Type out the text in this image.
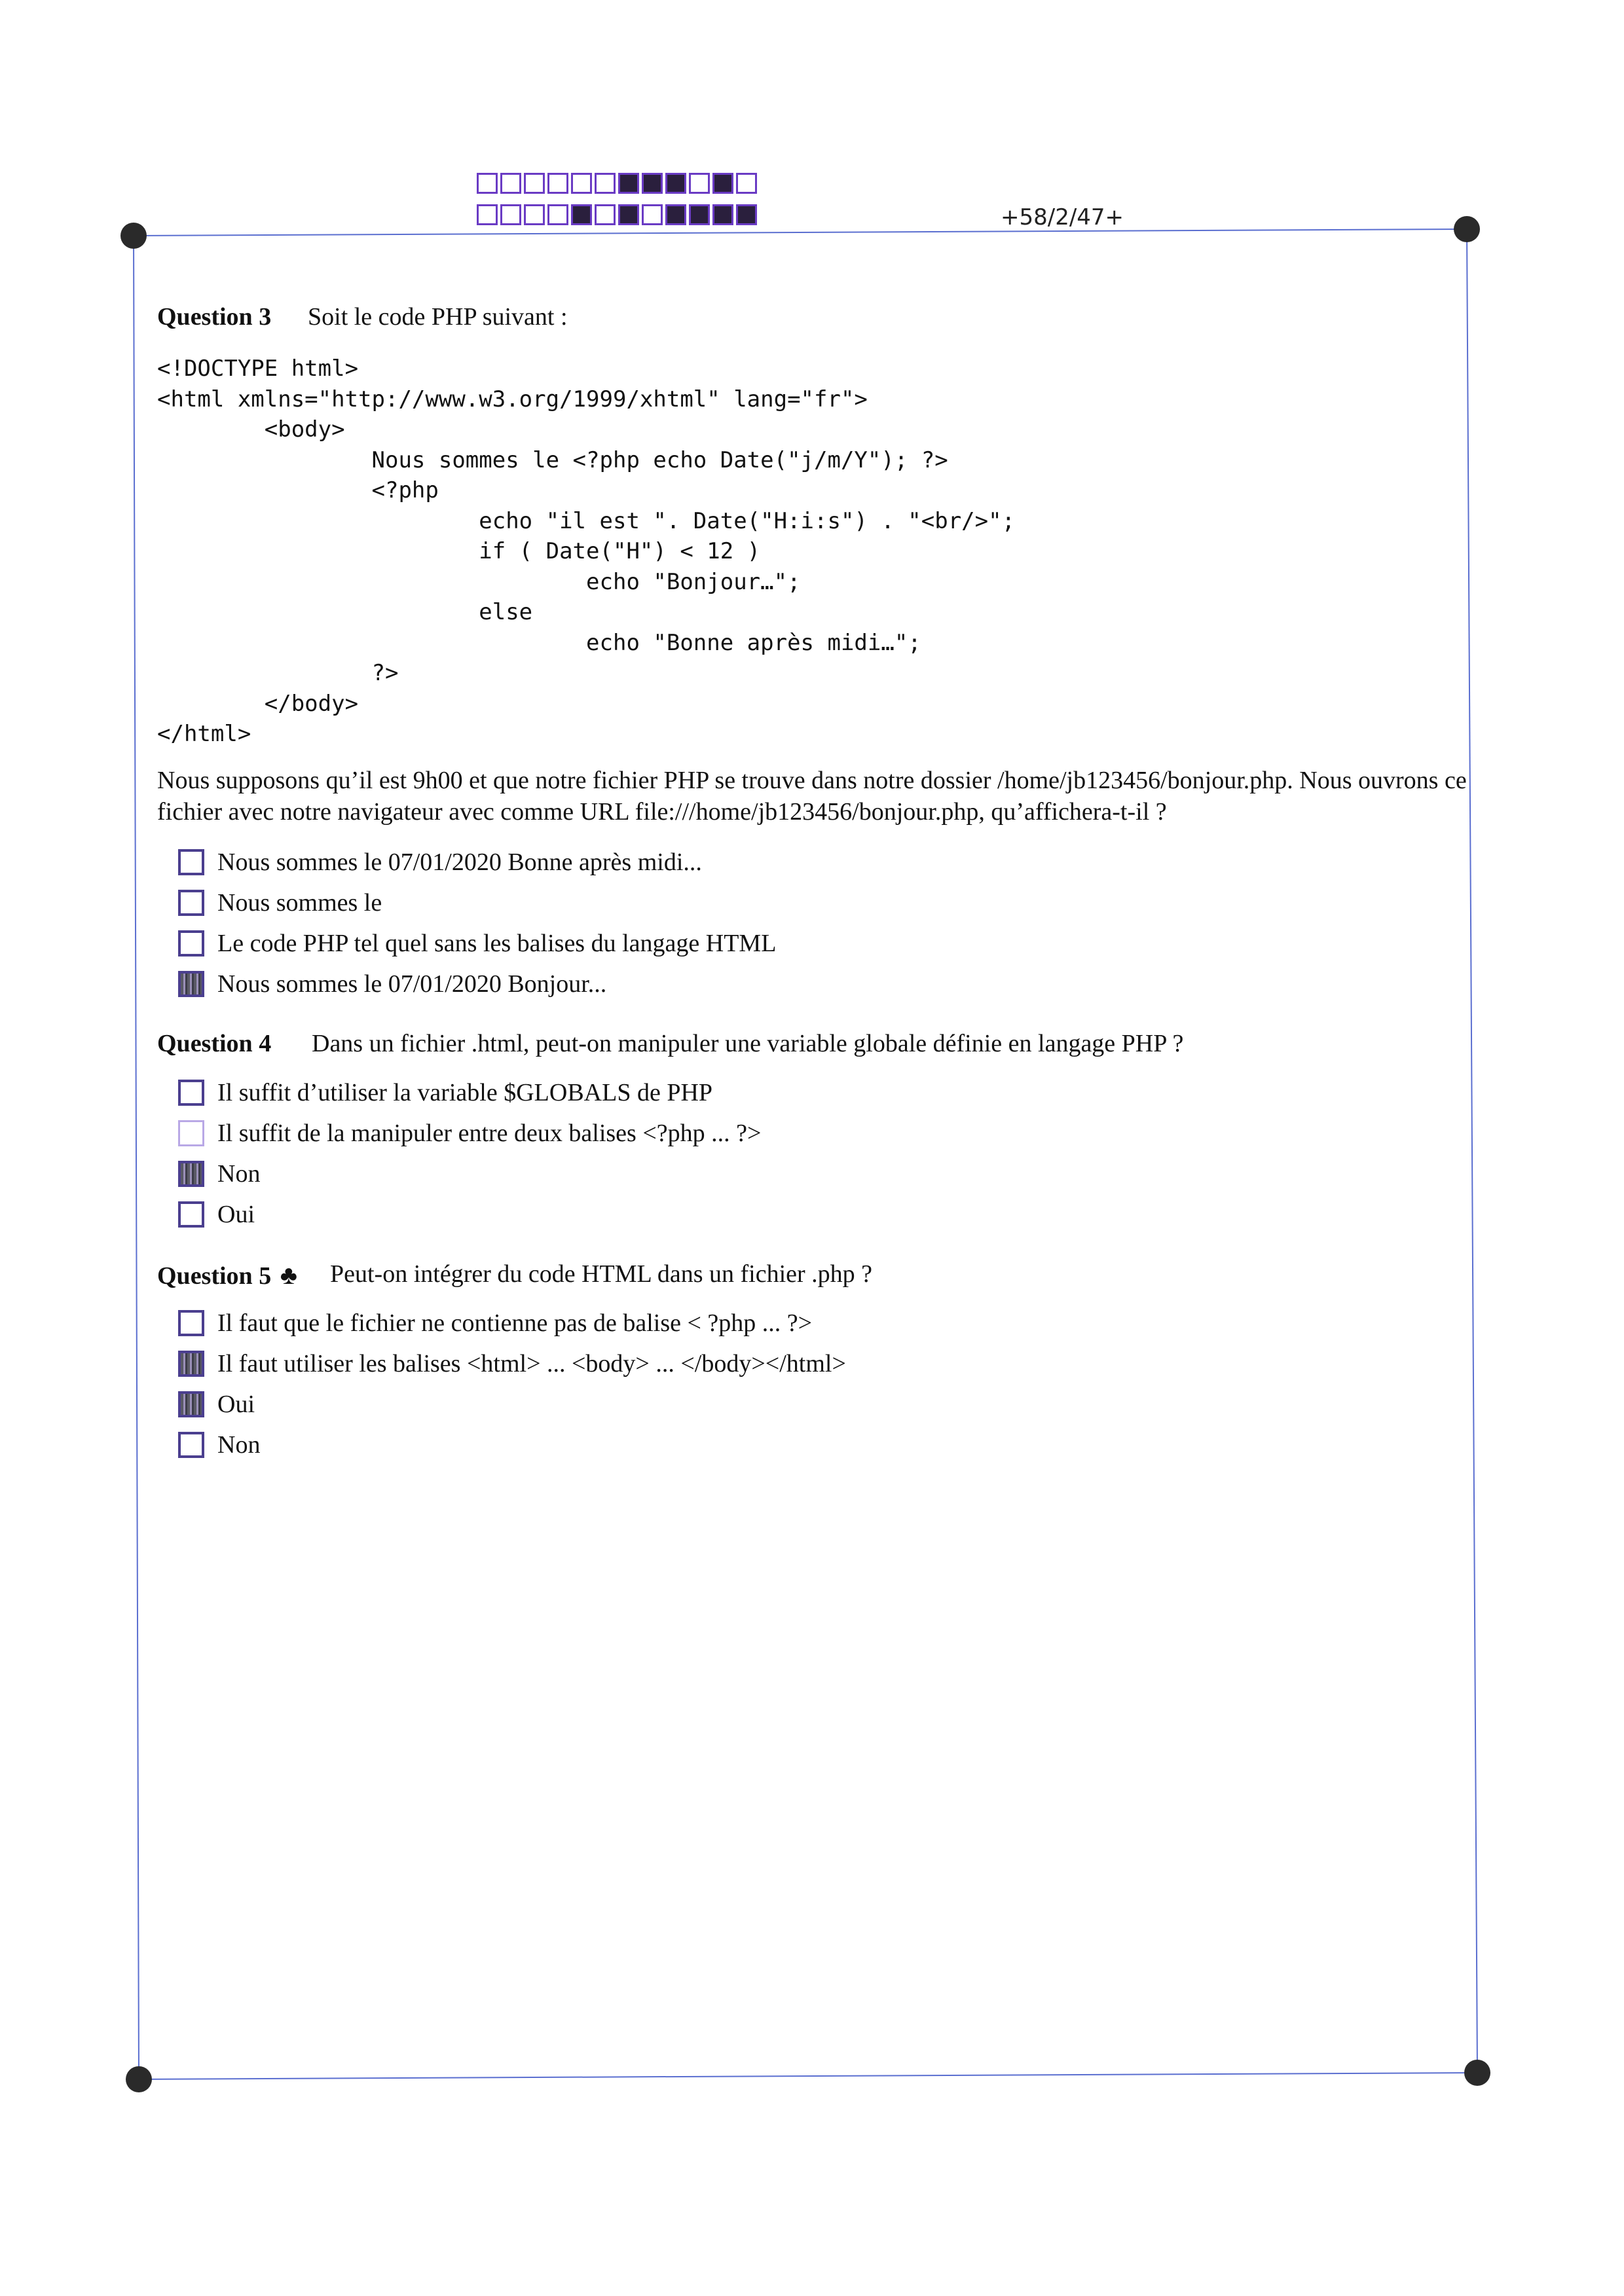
+58/2/47+
Question 3 Soit le code PHP suivant :
<!DOCTYPE html>
<html xmlns="http://www.w3.org/1999/xhtml" lang="fr">
<body>
Nous sommes le <?php echo Date("j/m/Y"); ?>
<?php
echo "il est ". Date("H:i:s") . "<br/>";
if ( Date("H") < 12 )
echo "Bonjour…";
else
echo "Bonne après midi…";
?>
</body>
</html>

Nous supposons qu’il est 9h00 et que notre fichier PHP se trouve dans notre dossier /home/jb123456/bonjour.php. Nous ouvrons ce fichier avec notre navigateur avec comme URL file:///home/jb123456/bonjour.php, qu’affichera-t-il ?

Nous sommes le 07/01/2020 Bonne après midi...
Nous sommes le
Le code PHP tel quel sans les balises du langage HTML
Nous sommes le 07/01/2020 Bonjour...
Question 4 Dans un fichier .html, peut-on manipuler une variable globale définie en langage PHP ?
Il suffit d’utiliser la variable $GLOBALS de PHP
Il suffit de la manipuler entre deux balises <?php ... ?>
Non
Oui
Question 5 ♣ Peut-on intégrer du code HTML dans un fichier .php ?
Il faut que le fichier ne contienne pas de balise < ?php ... ?>
Il faut utiliser les balises <html> ... <body> ... </body></html>
Oui
Non
